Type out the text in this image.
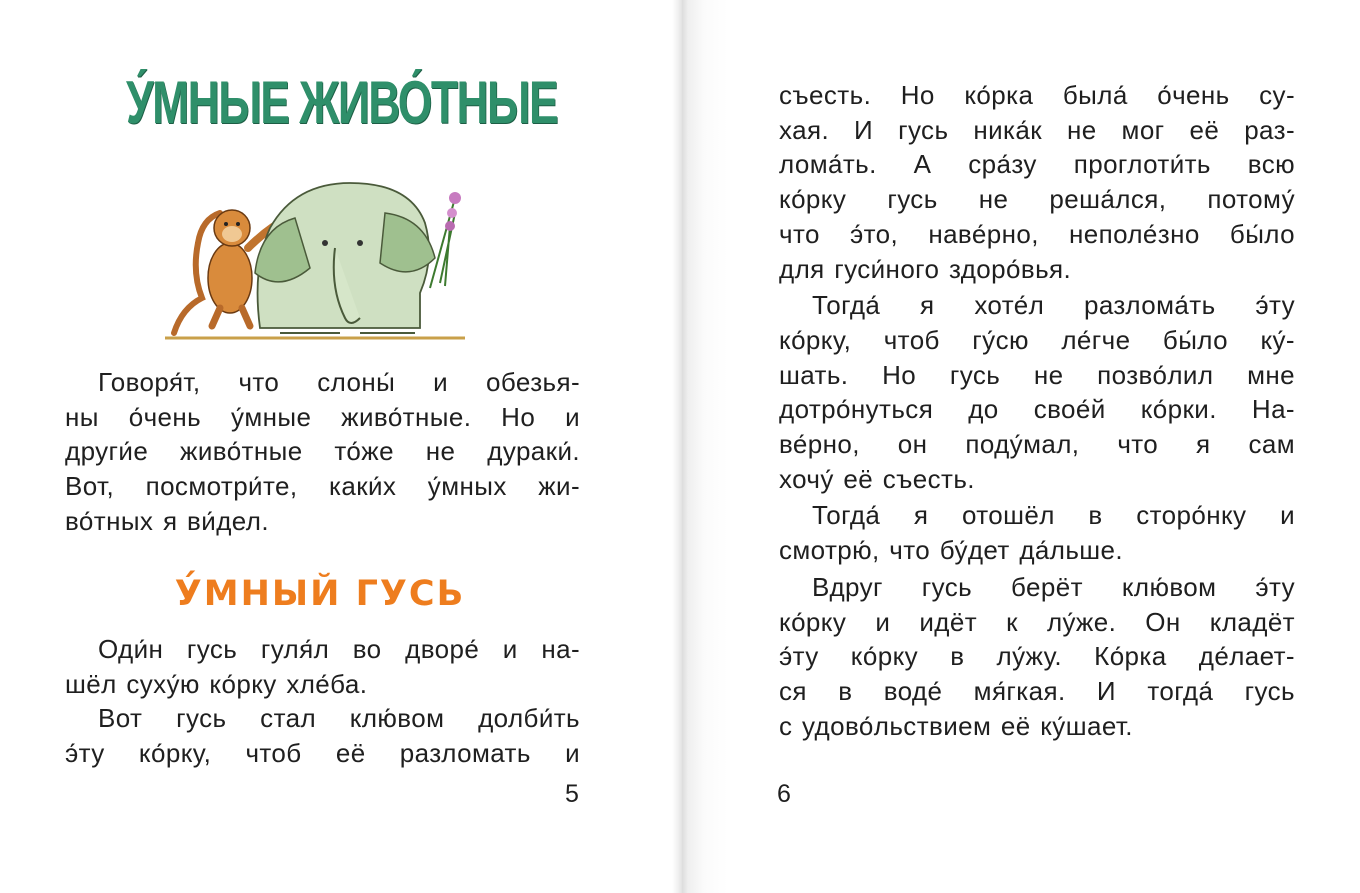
У́МНЫЕ ЖИВО́ТНЫЕ
Говоря́т, что слоны́ и обезья-
ны о́чень у́мные живо́тные. Но и
други́е живо́тные то́же не дураки́.
Вот, посмотри́те, каки́х у́мных жи-
во́тных я ви́дел.
У́МНЫЙ ГУСЬ
Оди́н гусь гуля́л во дворе́ и на-
шёл суху́ю ко́рку хле́ба.
Вот гусь стал клю́вом долби́ть
э́ту ко́рку, чтоб её разломать и
5
съесть. Но ко́рка была́ о́чень су-
хая. И гусь ника́к не мог её раз-
лома́ть. А сра́зу проглоти́ть всю
ко́рку гусь не реша́лся, потому́
что э́то, наве́рно, неполе́зно бы́ло
для гуси́ного здоро́вья.
Тогда́ я хоте́л разлома́ть э́ту
ко́рку, чтоб гу́сю ле́гче бы́ло ку́-
шать. Но гусь не позво́лил мне
дотро́нуться до свое́й ко́рки. На-
ве́рно, он поду́мал, что я сам
хочу́ её съесть.
Тогда́ я отошёл в сторо́нку и
смотрю́, что бу́дет да́льше.
Вдруг гусь берёт клю́вом э́ту
ко́рку и идёт к лу́же. Он кладёт
э́ту ко́рку в лу́жу. Ко́рка де́лает-
ся в воде́ мя́гкая. И тогда́ гусь
с удово́льствием её ку́шает.
6
